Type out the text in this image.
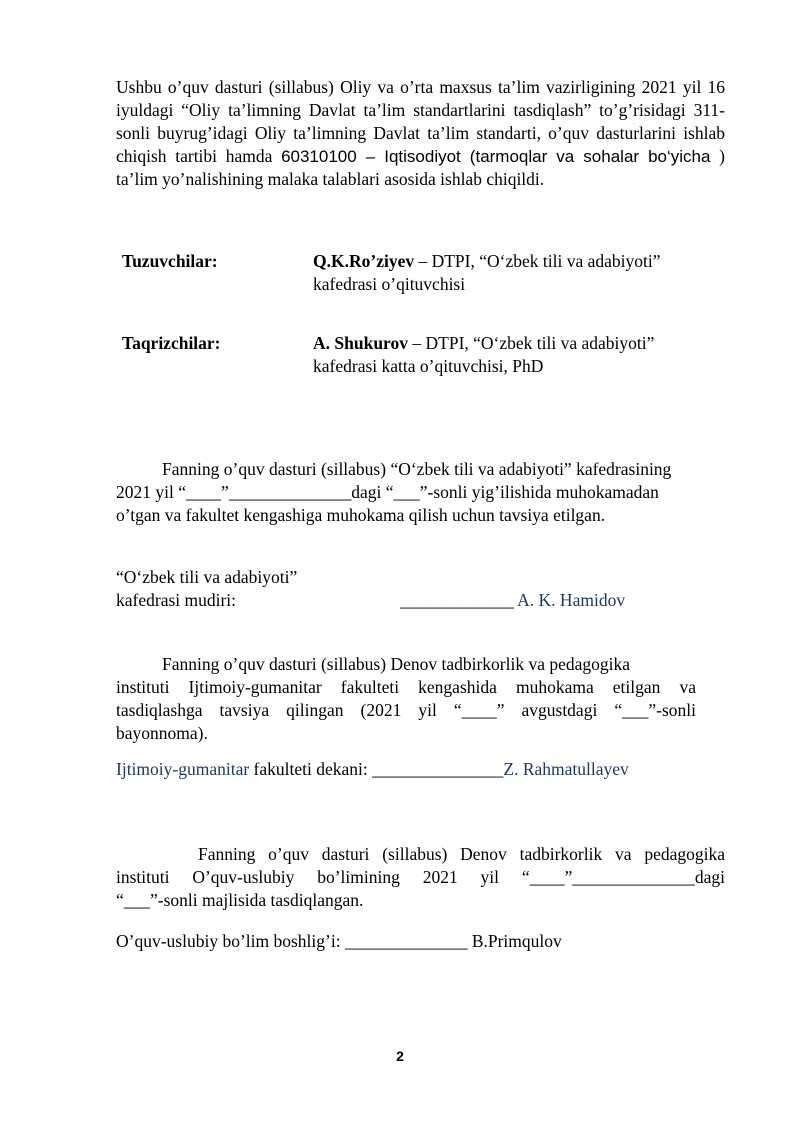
Ushbu o’quv dasturi (sillabus) Oliy va o’rta maxsus ta’lim vazirligining 2021 yil 16 iyuldagi “Oliy ta’limning Davlat ta’lim standartlarini tasdiqlash” to’g’risidagi 311-sonli buyrug’idagi Oliy ta’limning Davlat ta’lim standarti, o’quv dasturlarini ishlab chiqish tartibi hamda 60310100 – Iqtisodiyot (tarmoqlar va sohalar bo‘yicha ) ta’lim yo’nalishining malaka talablari asosida ishlab chiqildi.
Tuzuvchilar:	Q.K.Ro’ziyev – DTPI, “O‘zbek tili va adabiyoti”
kafedrasi o’qituvchisi
Taqrizchilar:	A. Shukurov – DTPI, “O‘zbek tili va adabiyoti”
kafedrasi katta o’qituvchisi, PhD
Fanning o’quv dasturi (sillabus) “O‘zbek tili va adabiyoti” kafedrasining
2021 yil “____”______________dagi “___”-sonli yig’ilishida muhokamadan
o’tgan va fakultet kengashiga muhokama qilish uchun tavsiya etilgan.
“O‘zbek tili va adabiyoti”
kafedrasi mudiri:	_____________ A. K. Hamidov
Fanning o’quv dasturi (sillabus) Denov tadbirkorlik va pedagogika
instituti Ijtimoiy-gumanitar fakulteti kengashida muhokama etilgan va
tasdiqlashga tavsiya qilingan (2021 yil “____” avgustdagi “___”-sonli
bayonnoma).
Ijtimoiy-gumanitar fakulteti dekani: _______________Z. Rahmatullayev
Fanning o’quv dasturi (sillabus) Denov tadbirkorlik va pedagogika
instituti O’quv-uslubiy bo’limining 2021 yil “____”______________dagi
“___”-sonli majlisida tasdiqlangan.
O’quv-uslubiy bo’lim boshlig’i: ______________ B.Primqulov
2
